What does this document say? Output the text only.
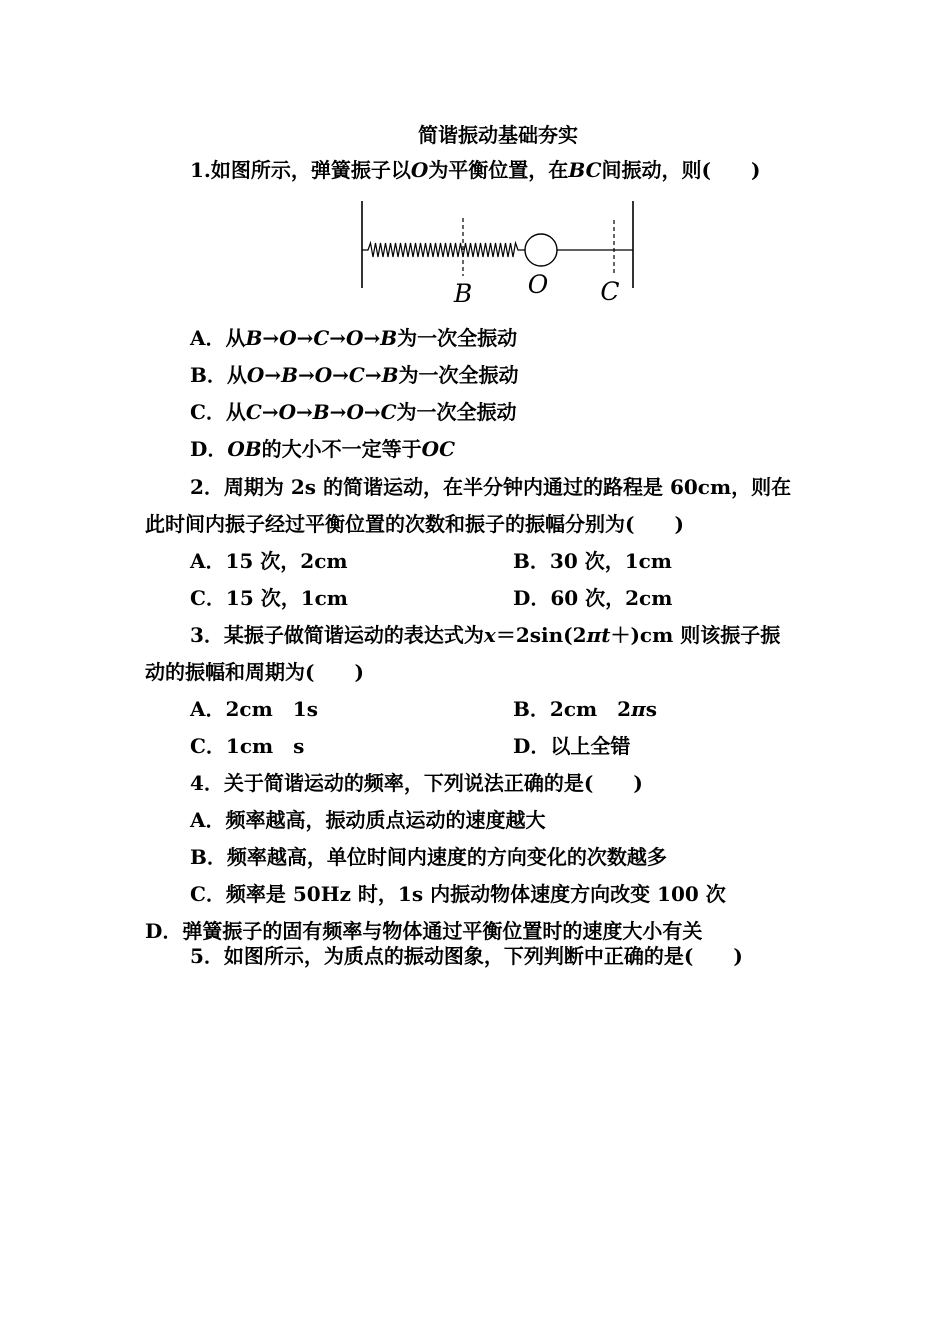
简谐振动基础夯实
1.如图所示，弹簧振子以O为平衡位置，在BC间振动，则(　　)
B O C
A．从B→O→C→O→B为一次全振动
B．从O→B→O→C→B为一次全振动
C．从C→O→B→O→C为一次全振动
D．OB的大小不一定等于OC
2．周期为 2s 的简谐运动，在半分钟内通过的路程是 60cm，则在
此时间内振子经过平衡位置的次数和振子的振幅分别为(　　)
A．15 次，2cm	B．30 次，1cm
C．15 次，1cm	D．60 次，2cm
3．某振子做简谐运动的表达式为x＝2sin(2πt＋)cm 则该振子振
动的振幅和周期为(　　)
A．2cm　1s	B．2cm　2πs
C．1cm　s	D．以上全错
4．关于简谐运动的频率，下列说法正确的是(　　)
A．频率越高，振动质点运动的速度越大
B．频率越高，单位时间内速度的方向变化的次数越多
C．频率是 50Hz 时，1s 内振动物体速度方向改变 100 次
D．弹簧振子的固有频率与物体通过平衡位置时的速度大小有关
5．如图所示，为质点的振动图象，下列判断中正确的是(　　)
